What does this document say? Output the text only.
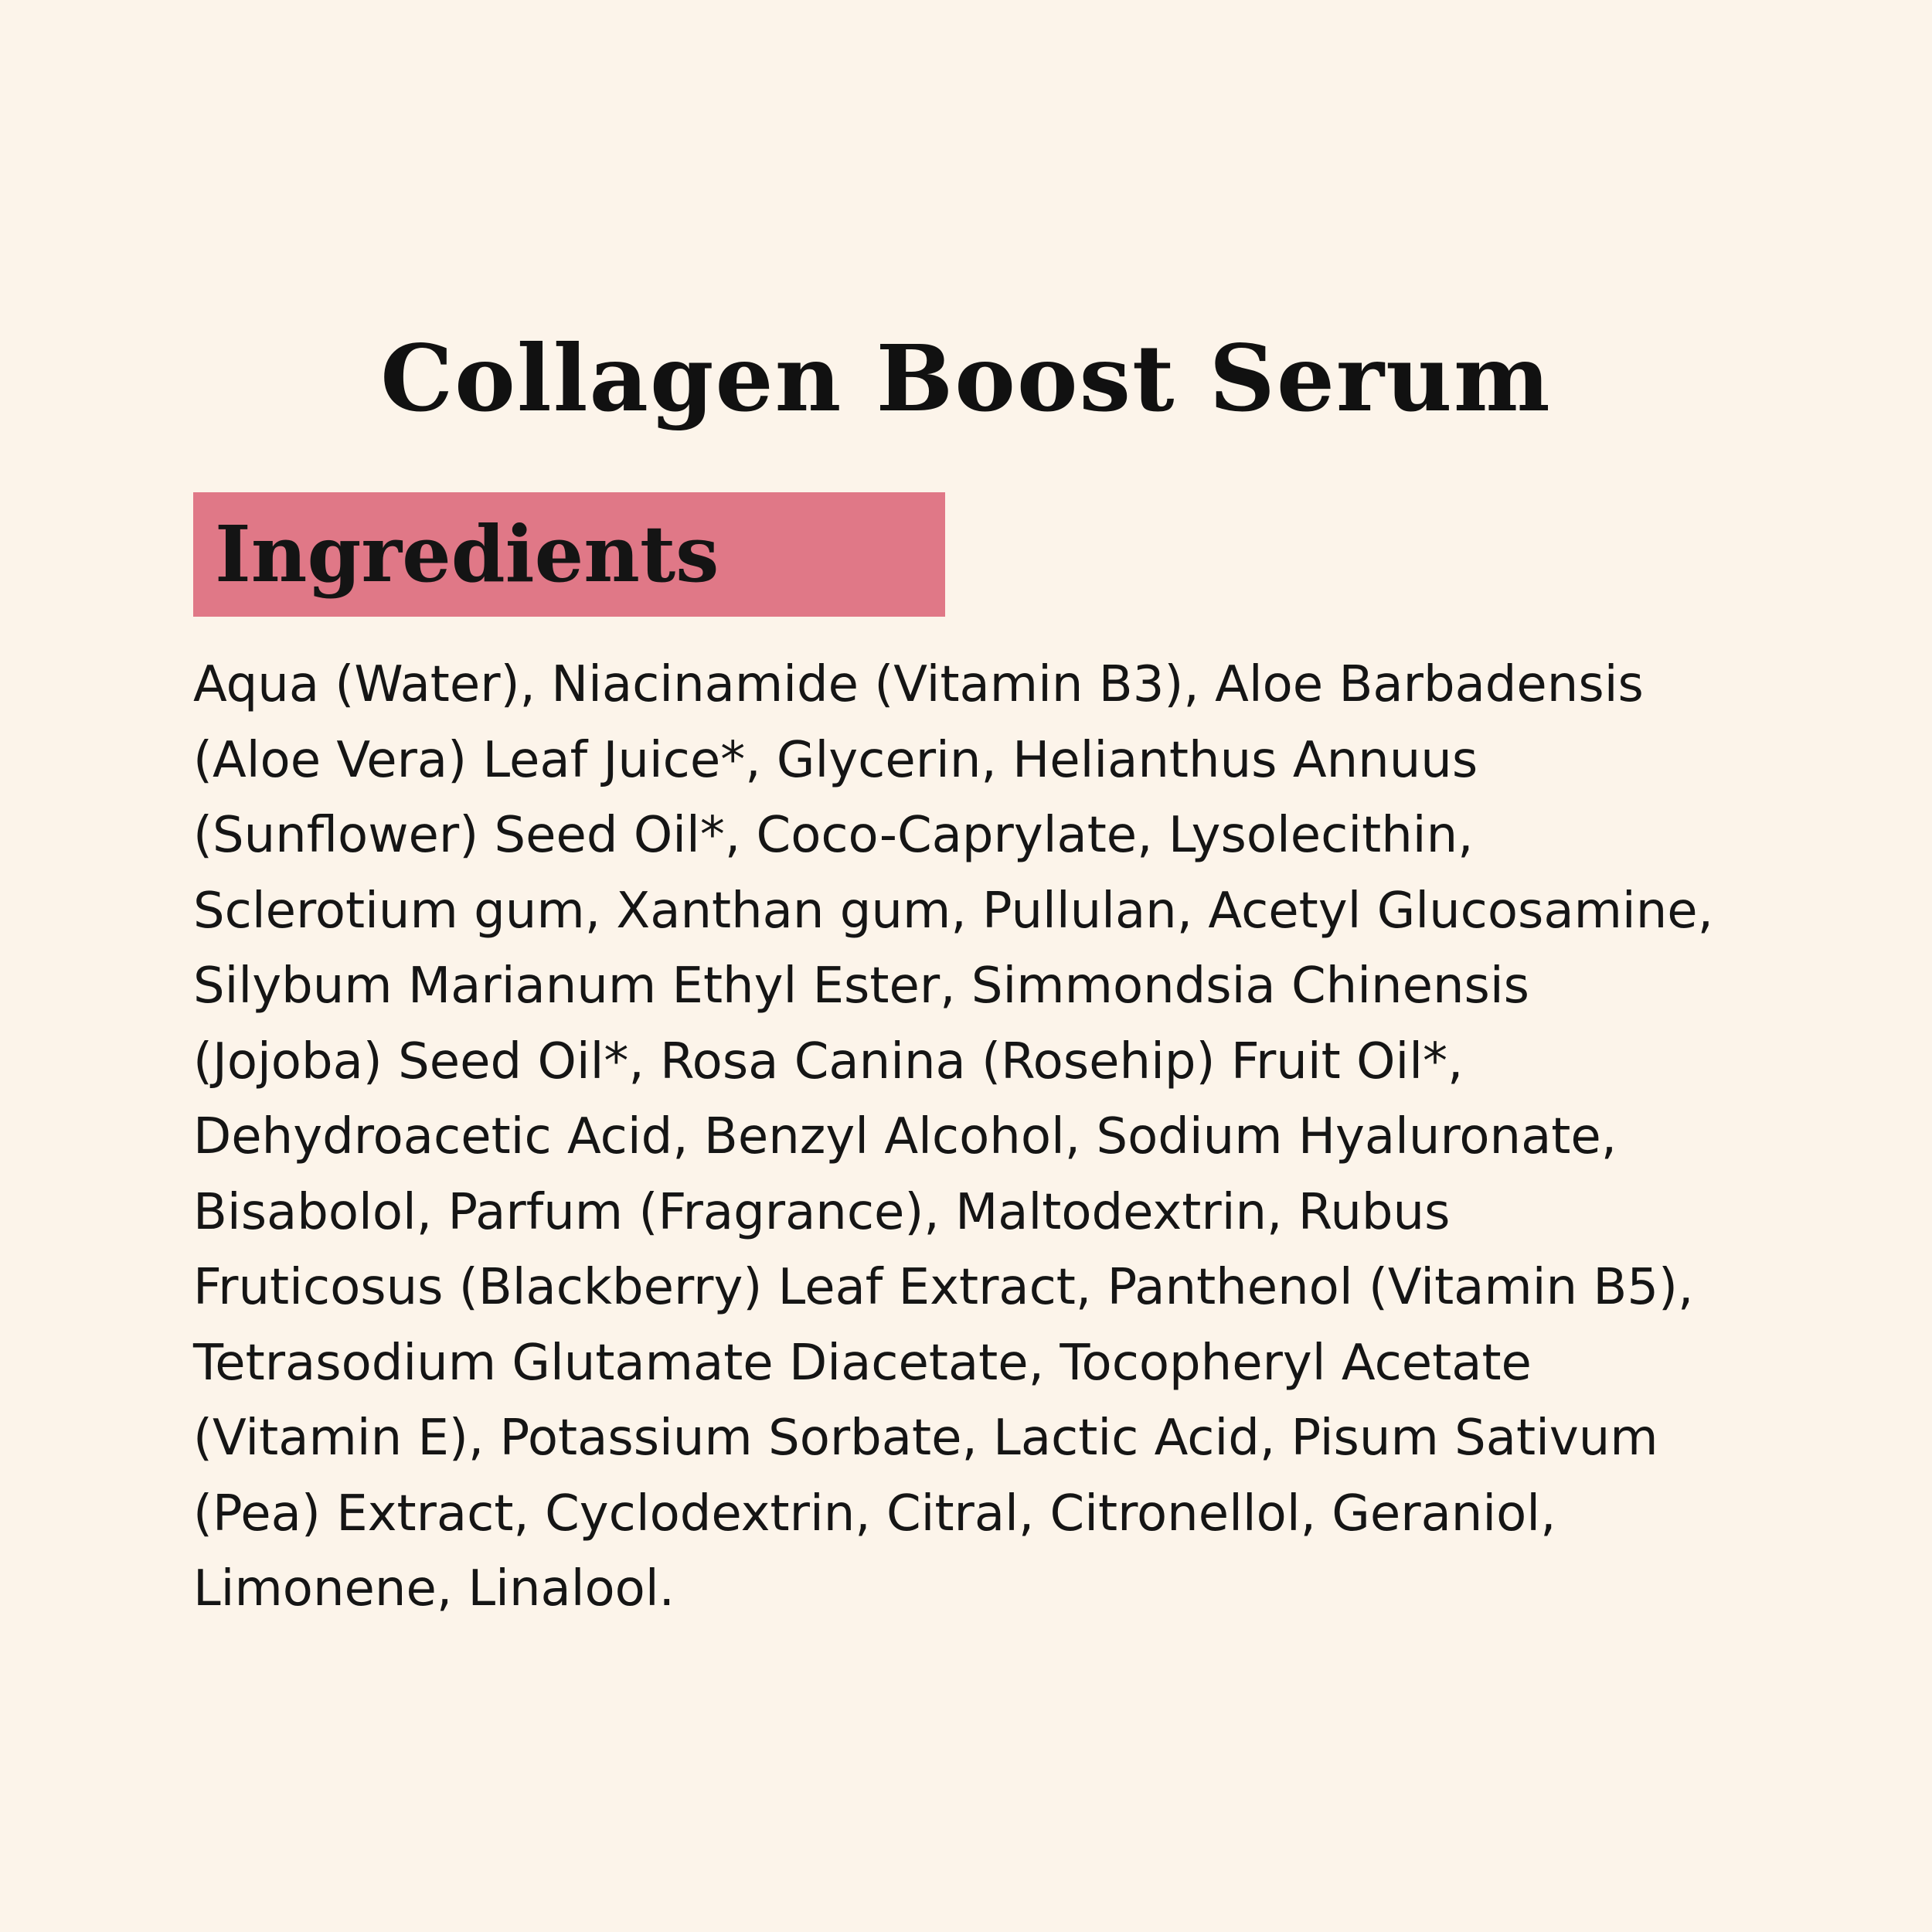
Collagen Boost Serum
Ingredients

Aqua (Water), Niacinamide (Vitamin B3), Aloe Barbadensis
(Aloe Vera) Leaf Juice*, Glycerin, Helianthus Annuus
(Sunflower) Seed Oil*, Coco-Caprylate, Lysolecithin,
Sclerotium gum, Xanthan gum, Pullulan, Acetyl Glucosamine,
Silybum Marianum Ethyl Ester, Simmondsia Chinensis
(Jojoba) Seed Oil*, Rosa Canina (Rosehip) Fruit Oil*,
Dehydroacetic Acid, Benzyl Alcohol, Sodium Hyaluronate,
Bisabolol, Parfum (Fragrance), Maltodextrin, Rubus
Fruticosus (Blackberry) Leaf Extract, Panthenol (Vitamin B5),
Tetrasodium Glutamate Diacetate, Tocopheryl Acetate
(Vitamin E), Potassium Sorbate, Lactic Acid, Pisum Sativum
(Pea) Extract, Cyclodextrin, Citral, Citronellol, Geraniol,
Limonene, Linalool.
